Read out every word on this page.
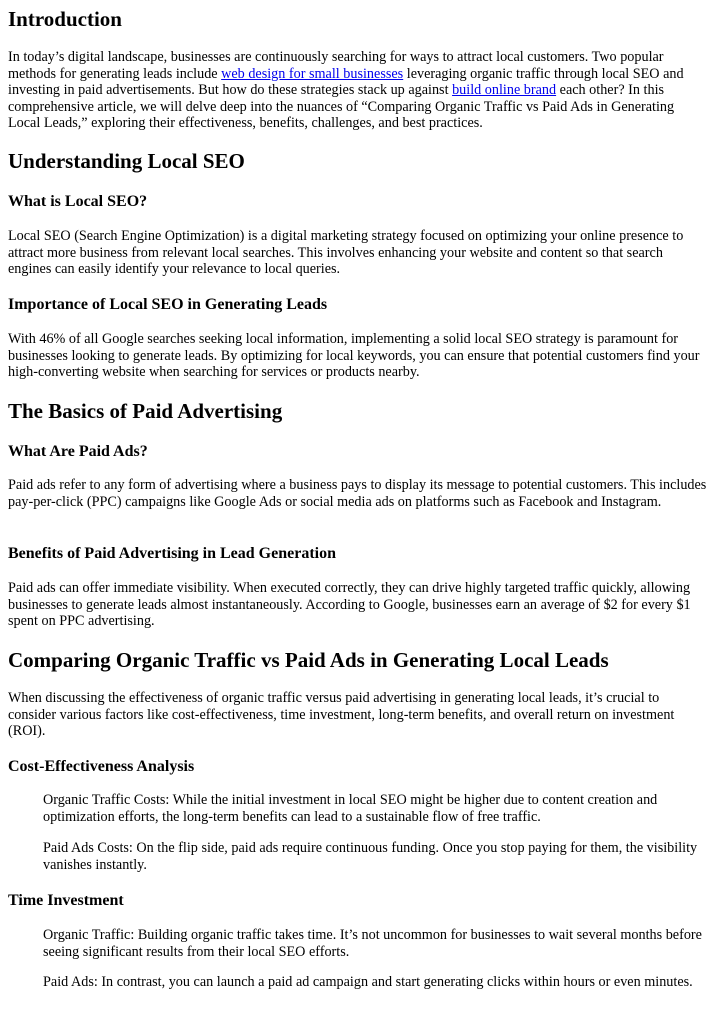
Introduction

In today’s digital landscape, businesses are continuously searching for ways to attract local customers. Two popular methods for generating leads include web design for small businesses leveraging organic traffic through local SEO and investing in paid advertisements. But how do these strategies stack up against build online brand each other? In this comprehensive article, we will delve deep into the nuances of “Comparing Organic Traffic vs Paid Ads in Generating Local Leads,” exploring their effectiveness, benefits, challenges, and best practices.

Understanding Local SEO
What is Local SEO?

Local SEO (Search Engine Optimization) is a digital marketing strategy focused on optimizing your online presence to attract more business from relevant local searches. This involves enhancing your website and content so that search engines can easily identify your relevance to local queries.

Importance of Local SEO in Generating Leads

With 46% of all Google searches seeking local information, implementing a solid local SEO strategy is paramount for businesses looking to generate leads. By optimizing for local keywords, you can ensure that potential customers find your high-converting website when searching for services or products nearby.

The Basics of Paid Advertising
What Are Paid Ads?

Paid ads refer to any form of advertising where a business pays to display its message to potential customers. This includes pay-per-click (PPC) campaigns like Google Ads or social media ads on platforms such as Facebook and Instagram.

Benefits of Paid Advertising in Lead Generation

Paid ads can offer immediate visibility. When executed correctly, they can drive highly targeted traffic quickly, allowing businesses to generate leads almost instantaneously. According to Google, businesses earn an average of $2 for every $1 spent on PPC advertising.

Comparing Organic Traffic vs Paid Ads in Generating Local Leads

When discussing the effectiveness of organic traffic versus paid advertising in generating local leads, it’s crucial to consider various factors like cost-effectiveness, time investment, long-term benefits, and overall return on investment (ROI).

Cost-Effectiveness Analysis

Organic Traffic Costs: While the initial investment in local SEO might be higher due to content creation and optimization efforts, the long-term benefits can lead to a sustainable flow of free traffic.

Paid Ads Costs: On the flip side, paid ads require continuous funding. Once you stop paying for them, the visibility vanishes instantly.

Time Investment

Organic Traffic: Building organic traffic takes time. It’s not uncommon for businesses to wait several months before seeing significant results from their local SEO efforts.

Paid Ads: In contrast, you can launch a paid ad campaign and start generating clicks within hours or even minutes.
